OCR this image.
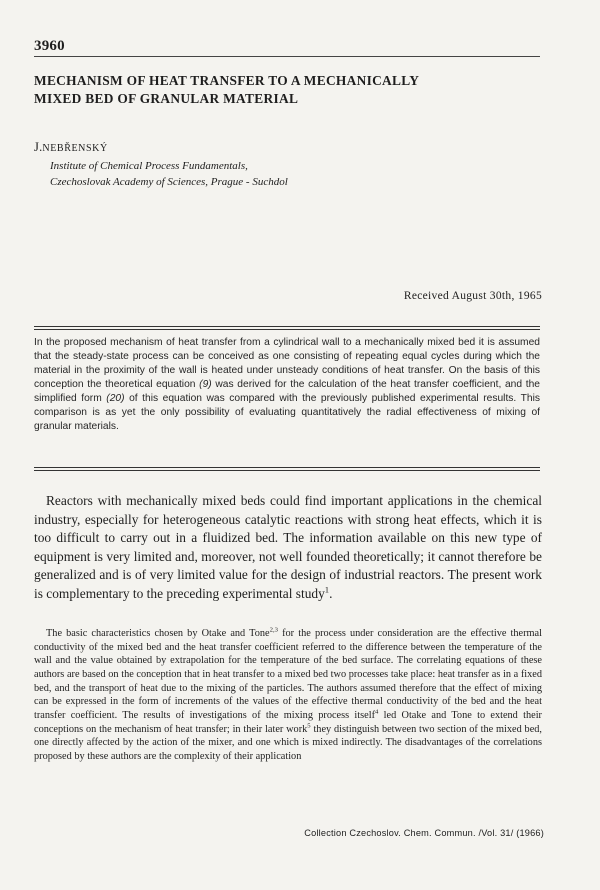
3960
MECHANISM OF HEAT TRANSFER TO A MECHANICALLY MIXED BED OF GRANULAR MATERIAL
J.NEBŘENSKÝ
Institute of Chemical Process Fundamentals,
Czechoslovak Academy of Sciences, Prague - Suchdol
Received August 30th, 1965
In the proposed mechanism of heat transfer from a cylindrical wall to a mechanically mixed bed it is assumed that the steady-state process can be conceived as one consisting of repeating equal cycles during which the material in the proximity of the wall is heated under unsteady conditions of heat transfer. On the basis of this conception the theoretical equation (9) was derived for the calculation of the heat transfer coefficient, and the simplified form (20) of this equation was compared with the previously published experimental results. This comparison is as yet the only possibility of evaluating quantitatively the radial effectiveness of mixing of granular materials.
Reactors with mechanically mixed beds could find important applications in the chemical industry, especially for heterogeneous catalytic reactions with strong heat effects, which it is too difficult to carry out in a fluidized bed. The information available on this new type of equipment is very limited and, moreover, not well founded theoretically; it cannot therefore be generalized and is of very limited value for the design of industrial reactors. The present work is complementary to the preceding experimental study$^1$.
The basic characteristics chosen by Otake and Tone$^{2,3}$ for the process under consideration are the effective thermal conductivity of the mixed bed and the heat transfer coefficient referred to the difference between the temperature of the wall and the value obtained by extrapolation for the temperature of the bed surface. The correlating equations of these authors are based on the conception that in heat transfer to a mixed bed two processes take place: heat transfer as in a fixed bed, and the transport of heat due to the mixing of the particles. The authors assumed therefore that the effect of mixing can be expressed in the form of increments of the values of the effective thermal conductivity of the bed and the heat transfer coefficient. The results of investigations of the mixing process itself$^4$ led Otake and Tone to extend their conceptions on the mechanism of heat transfer; in their later work$^5$ they distinguish between two section of the mixed bed, one directly affected by the action of the mixer, and one which is mixed indirectly. The disadvantages of the correlations proposed by these authors are the complexity of their application
Collection Czechoslov. Chem. Commun. /Vol. 31/ (1966)
